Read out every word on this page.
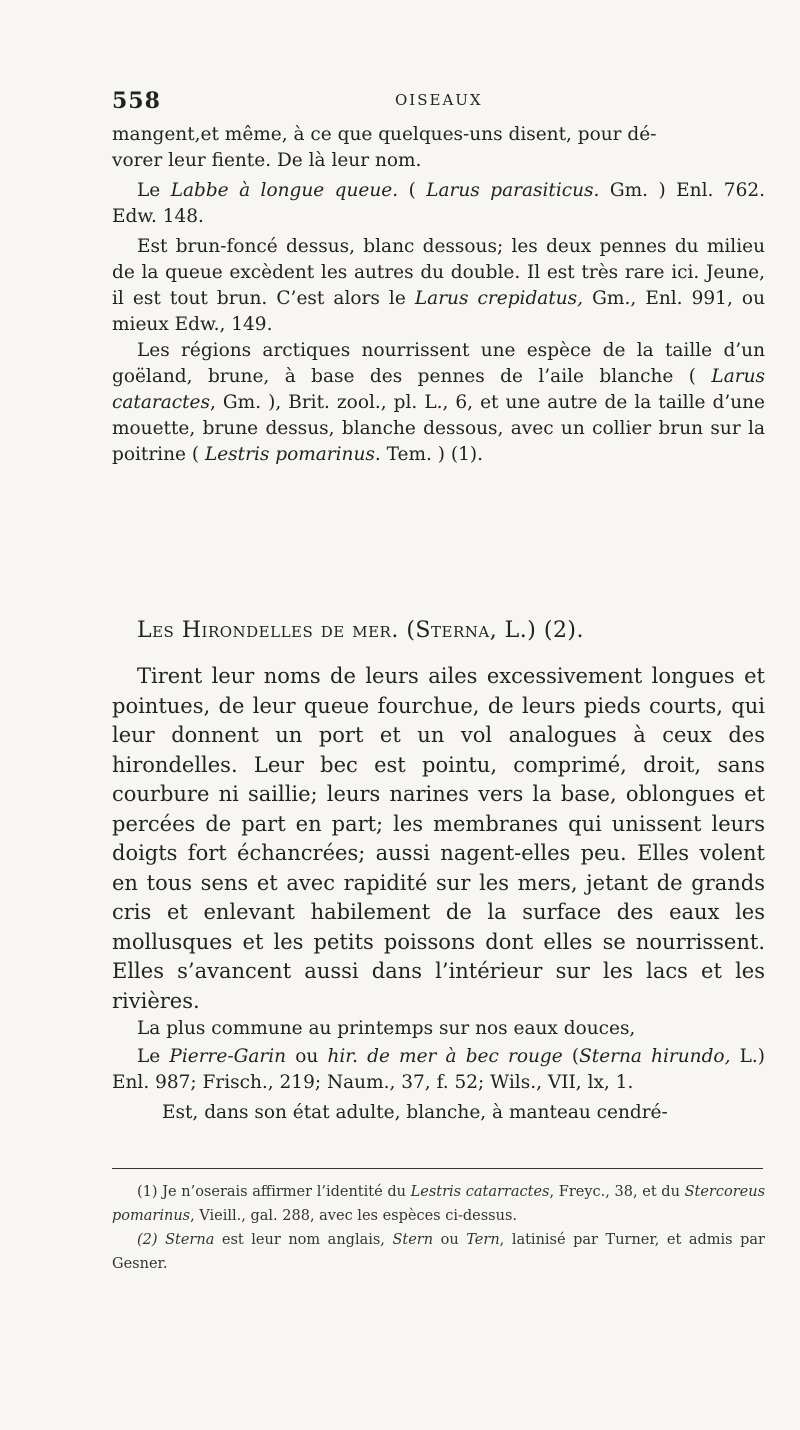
558	OISEAUX

mangent,et même, à ce que quelques-uns disent, pour dé-
vorer leur fiente. De là leur nom.

Le Labbe à longue queue. ( Larus parasiticus. Gm. ) Enl. 762. Edw. 148.

Est brun-foncé dessus, blanc dessous; les deux pennes du milieu de la queue excèdent les autres du double. Il est très rare ici. Jeune, il est tout brun. C’est alors le Larus crepidatus, Gm., Enl. 991, ou mieux Edw., 149.

Les régions arctiques nourrissent une espèce de la taille d’un goëland, brune, à base des pennes de l’aile blanche ( Larus cataractes, Gm. ), Brit. zool., pl. L., 6, et une autre de la taille d’une mouette, brune dessus, blanche dessous, avec un collier brun sur la poitrine ( Lestris pomarinus. Tem. ) (1).

Les Hirondelles de mer. (Sterna, L.) (2).

Tirent leur noms de leurs ailes excessivement longues et pointues, de leur queue fourchue, de leurs pieds courts, qui leur donnent un port et un vol analogues à ceux des hirondelles. Leur bec est pointu, comprimé, droit, sans courbure ni saillie; leurs narines vers la base, oblongues et percées de part en part; les membranes qui unissent leurs doigts fort échancrées; aussi nagent-elles peu. Elles volent en tous sens et avec rapidité sur les mers, jetant de grands cris et enlevant habilement de la surface des eaux les mollusques et les petits poissons dont elles se nourrissent. Elles s’avancent aussi dans l’intérieur sur les lacs et les rivières.

La plus commune au printemps sur nos eaux douces,

Le Pierre-Garin ou hir. de mer à bec rouge (Sterna hirundo, L.) Enl. 987; Frisch., 219; Naum., 37, f. 52; Wils., VII, lx, 1.

Est, dans son état adulte, blanche, à manteau cendré-

(1) Je n’oserais affirmer l’identité du Lestris catarractes, Freyc., 38, et du Stercoreus pomarinus, Vieill., gal. 288, avec les espèces ci-dessus.

(2) Sterna est leur nom anglais, Stern ou Tern, latinisé par Turner, et admis par Gesner.
